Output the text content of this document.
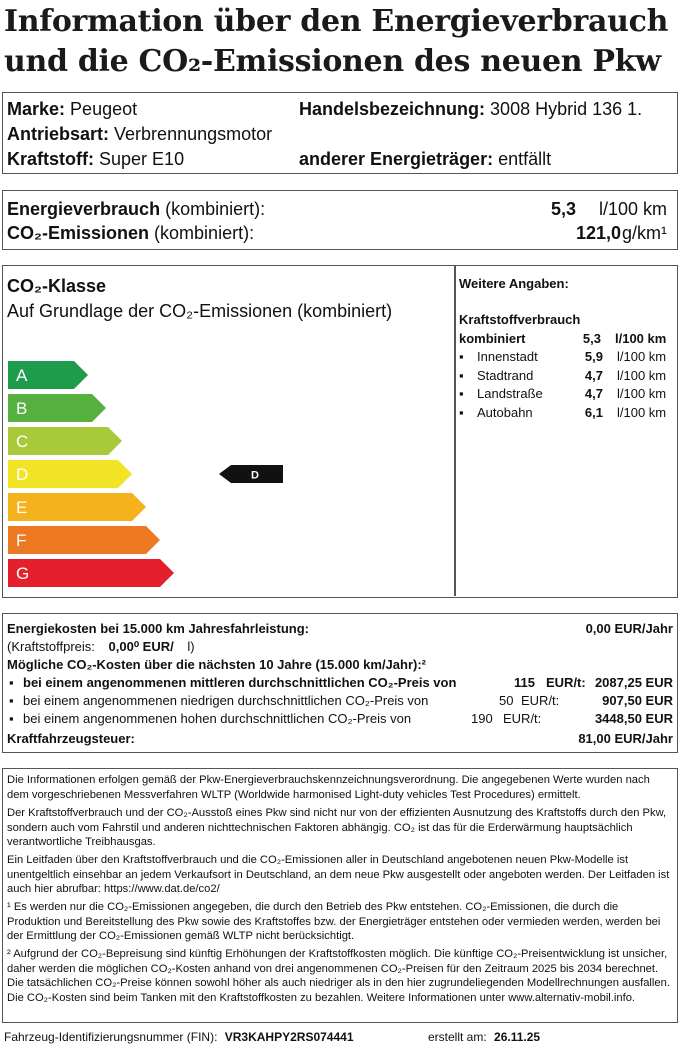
Information über den Energieverbrauch
und die CO₂-Emissionen des neuen Pkw
Marke: Peugeot	Handelsbezeichnung: 3008 Hybrid 136 1.
Antriebsart: Verbrennungsmotor
Kraftstoff: Super E10	anderer Energieträger: entfällt
Energieverbrauch (kombiniert):	5,3 l/100 km
CO₂-Emissionen (kombiniert):	121,0 g/km¹
CO₂-Klasse
Auf Grundlage der CO₂-Emissionen (kombiniert)
A
B
C
D
E
F
G
D
Weitere Angaben:
Kraftstoffverbrauch
kombiniert	5,3 l/100 km
▪ Innenstadt	5,9 l/100 km
▪ Stadtrand	4,7 l/100 km
▪ Landstraße	4,7 l/100 km
▪ Autobahn	6,1 l/100 km
Energiekosten bei 15.000 km Jahresfahrleistung:	0,00 EUR/Jahr
(Kraftstoffpreis: 0,00⁰ EUR/ l)
Mögliche CO₂-Kosten über die nächsten 10 Jahre (15.000 km/Jahr):²
▪ bei einem angenommenen mittleren durchschnittlichen CO₂-Preis von	115 EUR/t: 2087,25 EUR
▪ bei einem angenommenen niedrigen durchschnittlichen CO₂-Preis von	50 EUR/t:	907,50 EUR
▪ bei einem angenommenen hohen durchschnittlichen CO₂-Preis von	190 EUR/t:	3448,50 EUR
Kraftfahrzeugsteuer:	81,00 EUR/Jahr
Die Informationen erfolgen gemäß der Pkw-Energieverbrauchskennzeichnungsverordnung. Die angegebenen Werte wurden nach dem vorgeschriebenen Messverfahren WLTP (Worldwide harmonised Light-duty vehicles Test Procedures) ermittelt.
Der Kraftstoffverbrauch und der CO₂-Ausstoß eines Pkw sind nicht nur von der effizienten Ausnutzung des Kraftstoffs durch den Pkw, sondern auch vom Fahrstil und anderen nichttechnischen Faktoren abhängig. CO₂ ist das für die Erderwärmung hauptsächlich verantwortliche Treibhausgas.
Ein Leitfaden über den Kraftstoffverbrauch und die CO₂-Emissionen aller in Deutschland angebotenen neuen Pkw-Modelle ist unentgeltlich einsehbar an jedem Verkaufsort in Deutschland, an dem neue Pkw ausgestellt oder angeboten werden. Der Leitfaden ist auch hier abrufbar: https://www.dat.de/co2/
¹ Es werden nur die CO₂-Emissionen angegeben, die durch den Betrieb des Pkw entstehen. CO₂-Emissionen, die durch die Produktion und Bereitstellung des Pkw sowie des Kraftstoffes bzw. der Energieträger entstehen oder vermieden werden, werden bei der Ermittlung der CO₂-Emissionen gemäß WLTP nicht berücksichtigt.
² Aufgrund der CO₂-Bepreisung sind künftig Erhöhungen der Kraftstoffkosten möglich. Die künftige CO₂-Preisentwicklung ist unsicher, daher werden die möglichen CO₂-Kosten anhand von drei angenommenen CO₂-Preisen für den Zeitraum 2025 bis 2034 berechnet. Die tatsächlichen CO₂-Preise können sowohl höher als auch niedriger als in den hier zugrundeliegenden Modellrechnungen ausfallen. Die CO₂-Kosten sind beim Tanken mit den Kraftstoffkosten zu bezahlen. Weitere Informationen unter www.alternativ-mobil.info.
Fahrzeug-Identifizierungsnummer (FIN): VR3KAHPY2RS074441	erstellt am: 26.11.25
